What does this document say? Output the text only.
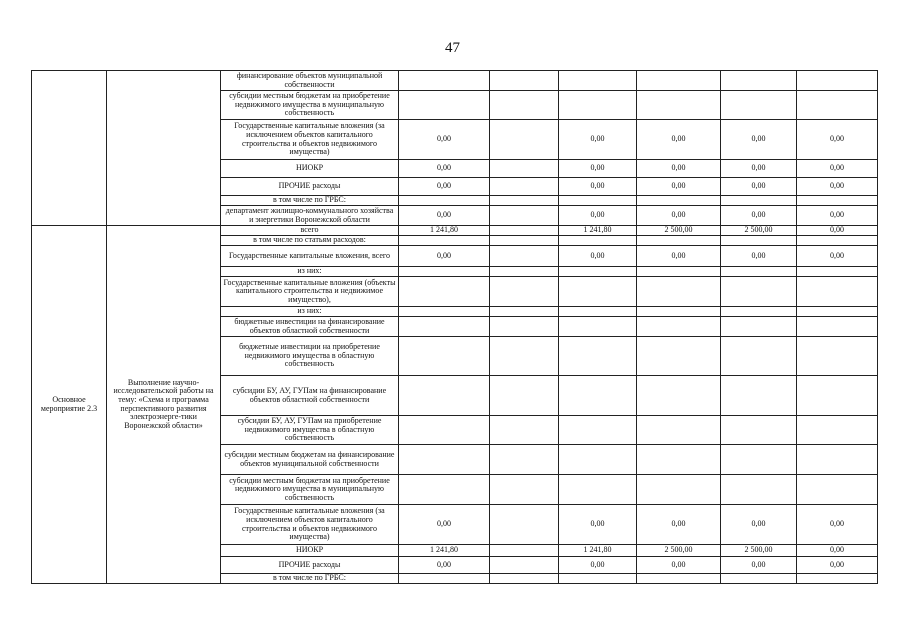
47
		финансирование объектов муниципальной собственности						
		субсидии местным бюджетам на приобретение недвижимого имущества в муниципальную собственность						
		Государственные капитальные вложения (за исключением объектов капитального строительства и объектов недвижимого имущества)	0,00		0,00	0,00	0,00	0,00
		НИОКР	0,00		0,00	0,00	0,00	0,00
		ПРОЧИЕ расходы	0,00		0,00	0,00	0,00	0,00
		в том числе по ГРБС:						
		департамент жилищно-коммунального хозяйства и энергетики Воронежской области	0,00		0,00	0,00	0,00	0,00
Основное мероприятие 2.3	Выполнение научно-исследовательской работы на тему: «Схема и программа перспективного развития электроэнерге-тики Воронежской области»	всего	1 241,80		1 241,80	2 500,00	2 500,00	0,00
		в том числе по статьям расходов:						
		Государственные капитальные вложения, всего	0,00		0,00	0,00	0,00	0,00
		из них:						
		Государственные капитальные вложения (объекты капитального строительства и недвижимое имущество),						
		из них:						
		бюджетные инвестиции на финансирование объектов областной собственности						
		бюджетные инвестиции на приобретение недвижимого имущества в областную собственность						
		субсидии БУ, АУ, ГУПам на финансирование объектов областной собственности						
		субсидии БУ, АУ, ГУПам на приобретение недвижимого имущества в областную собственность						
		субсидии местным бюджетам на финансирование объектов муниципальной собственности						
		субсидии местным бюджетам на приобретение недвижимого имущества в муниципальную собственность						
		Государственные капитальные вложения (за исключением объектов капитального строительства и объектов недвижимого имущества)	0,00		0,00	0,00	0,00	0,00
		НИОКР	1 241,80		1 241,80	2 500,00	2 500,00	0,00
		ПРОЧИЕ расходы	0,00		0,00	0,00	0,00	0,00
		в том числе по ГРБС:						
